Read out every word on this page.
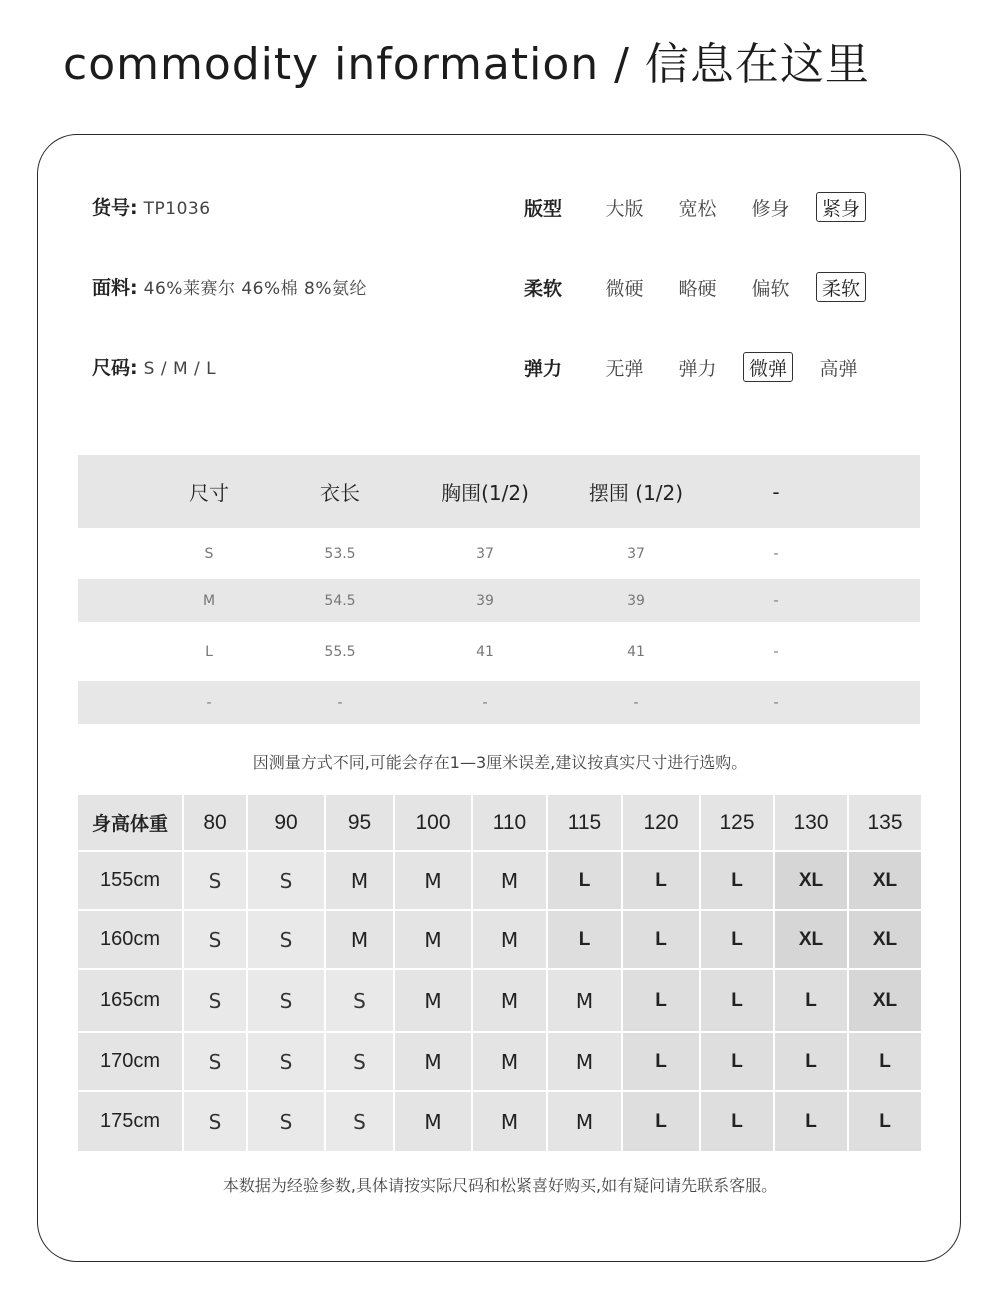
commodity information / 信息在这里
货号: TP1036
面料: 46%莱赛尔 46%棉 8%氨纶
尺码: S / M / L
版型	大版	宽松	修身	紧身
柔软	微硬	略硬	偏软	柔软
弹力	无弹	弹力	微弹	高弹
尺寸	衣长	胸围(1/2)	摆围 (1/2)	-
S	53.5	37	37	-
M	54.5	39	39	-
L	55.5	41	41	-
-	-	-	-	-
因测量方式不同,可能会存在1—3厘米误差,建议按真实尺寸进行选购。
身高体重	80	90	95	100	110	115	120	125	130	135
155cm	S	S	M	M	M	L	L	L	XL	XL
160cm	S	S	M	M	M	L	L	L	XL	XL
165cm	S	S	S	M	M	M	L	L	L	XL
170cm	S	S	S	M	M	M	L	L	L	L
175cm	S	S	S	M	M	M	L	L	L	L
本数据为经验参数,具体请按实际尺码和松紧喜好购买,如有疑问请先联系客服。
